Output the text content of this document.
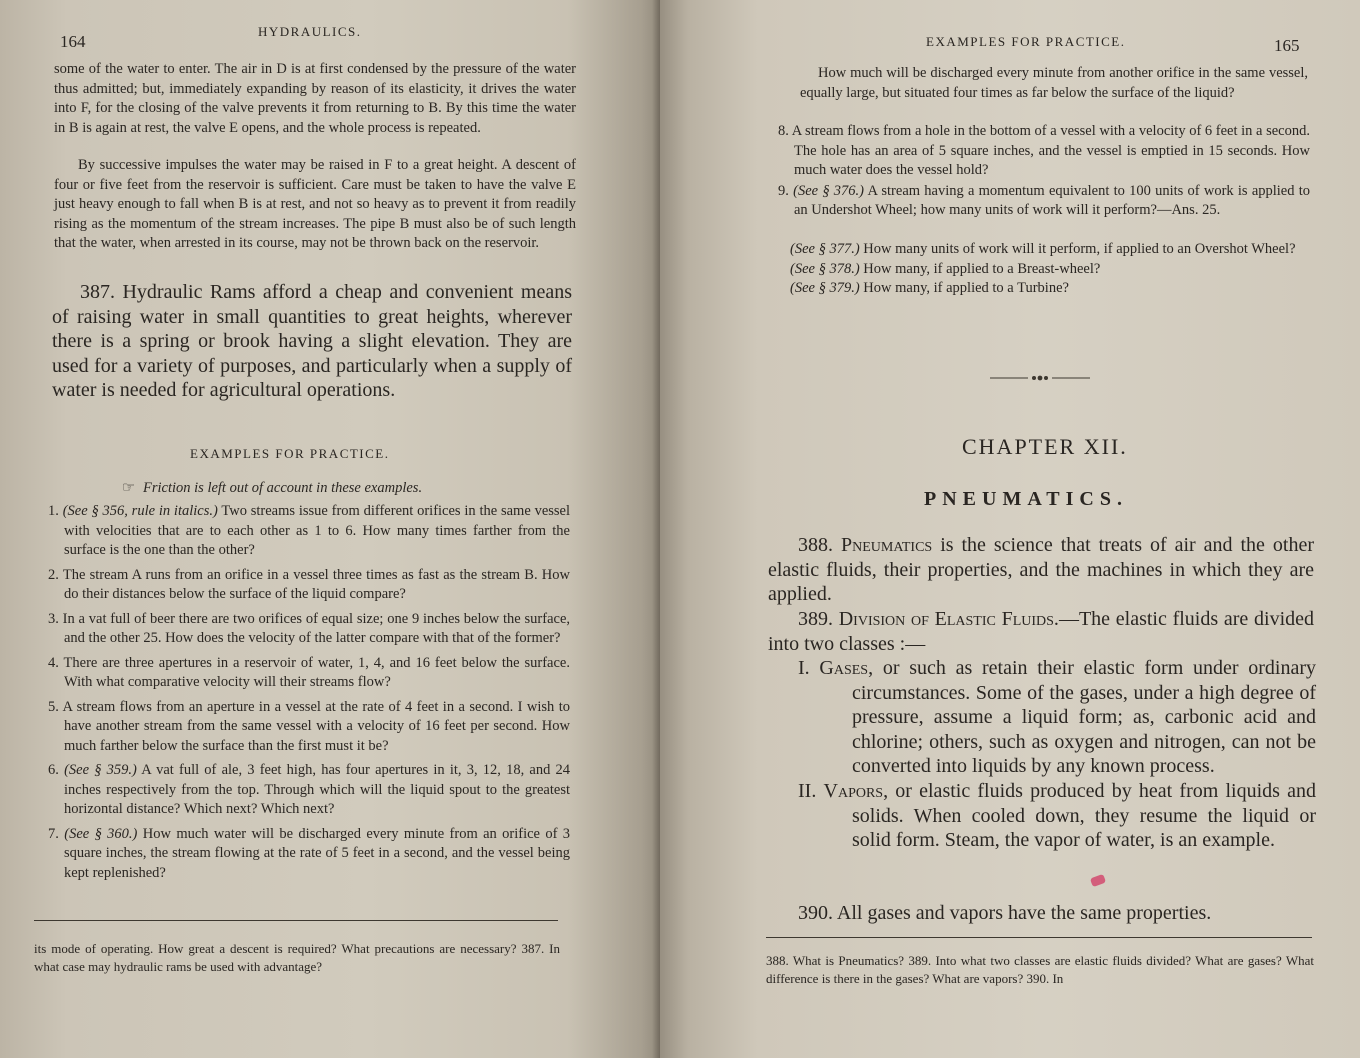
164
HYDRAULICS.
some of the water to enter. The air in D is at first condensed by the pressure of the water thus admitted; but, immediately expanding by reason of its elasticity, it drives the water into F, for the closing of the valve prevents it from returning to B. By this time the water in B is again at rest, the valve E opens, and the whole process is repeated.
By successive impulses the water may be raised in F to a great height. A descent of four or five feet from the reservoir is sufficient. Care must be taken to have the valve E just heavy enough to fall when B is at rest, and not so heavy as to prevent it from readily rising as the momentum of the stream increases. The pipe B must also be of such length that the water, when arrested in its course, may not be thrown back on the reservoir.
387. Hydraulic Rams afford a cheap and convenient means of raising water in small quantities to great heights, wherever there is a spring or brook having a slight elevation. They are used for a variety of purposes, and particularly when a supply of water is needed for agricultural operations.
EXAMPLES FOR PRACTICE.
☞ Friction is left out of account in these examples.
1. (See § 356, rule in italics.) Two streams issue from different orifices in the same vessel with velocities that are to each other as 1 to 6. How many times farther from the surface is the one than the other?
2. The stream A runs from an orifice in a vessel three times as fast as the stream B. How do their distances below the surface of the liquid compare?
3. In a vat full of beer there are two orifices of equal size; one 9 inches below the surface, and the other 25. How does the velocity of the latter compare with that of the former?
4. There are three apertures in a reservoir of water, 1, 4, and 16 feet below the surface. With what comparative velocity will their streams flow?
5. A stream flows from an aperture in a vessel at the rate of 4 feet in a second. I wish to have another stream from the same vessel with a velocity of 16 feet per second. How much farther below the surface than the first must it be?
6. (See § 359.) A vat full of ale, 3 feet high, has four apertures in it, 3, 12, 18, and 24 inches respectively from the top. Through which will the liquid spout to the greatest horizontal distance? Which next? Which next?
7. (See § 360.) How much water will be discharged every minute from an orifice of 3 square inches, the stream flowing at the rate of 5 feet in a second, and the vessel being kept replenished?
its mode of operating. How great a descent is required? What precautions are necessary? 387. In what case may hydraulic rams be used with advantage?
EXAMPLES FOR PRACTICE.	165
How much will be discharged every minute from another orifice in the same vessel, equally large, but situated four times as far below the surface of the liquid?
8. A stream flows from a hole in the bottom of a vessel with a velocity of 6 feet in a second. The hole has an area of 5 square inches, and the vessel is emptied in 15 seconds. How much water does the vessel hold?
9. (See § 376.) A stream having a momentum equivalent to 100 units of work is applied to an Undershot Wheel; how many units of work will it perform?—Ans. 25.
(See § 377.) How many units of work will it perform, if applied to an Overshot Wheel?
(See § 378.) How many, if applied to a Breast-wheel?
(See § 379.) How many, if applied to a Turbine?
CHAPTER XII.
PNEUMATICS.
388. Pneumatics is the science that treats of air and the other elastic fluids, their properties, and the machines in which they are applied.
389. Division of Elastic Fluids.—The elastic fluids are divided into two classes :—
I. Gases, or such as retain their elastic form under ordinary circumstances. Some of the gases, under a high degree of pressure, assume a liquid form; as, carbonic acid and chlorine; others, such as oxygen and nitrogen, can not be converted into liquids by any known process.
II. Vapors, or elastic fluids produced by heat from liquids and solids. When cooled down, they resume the liquid or solid form. Steam, the vapor of water, is an example.
390. All gases and vapors have the same properties.
388. What is Pneumatics? 389. Into what two classes are elastic fluids divided? What are gases? What difference is there in the gases? What are vapors? 390. In
